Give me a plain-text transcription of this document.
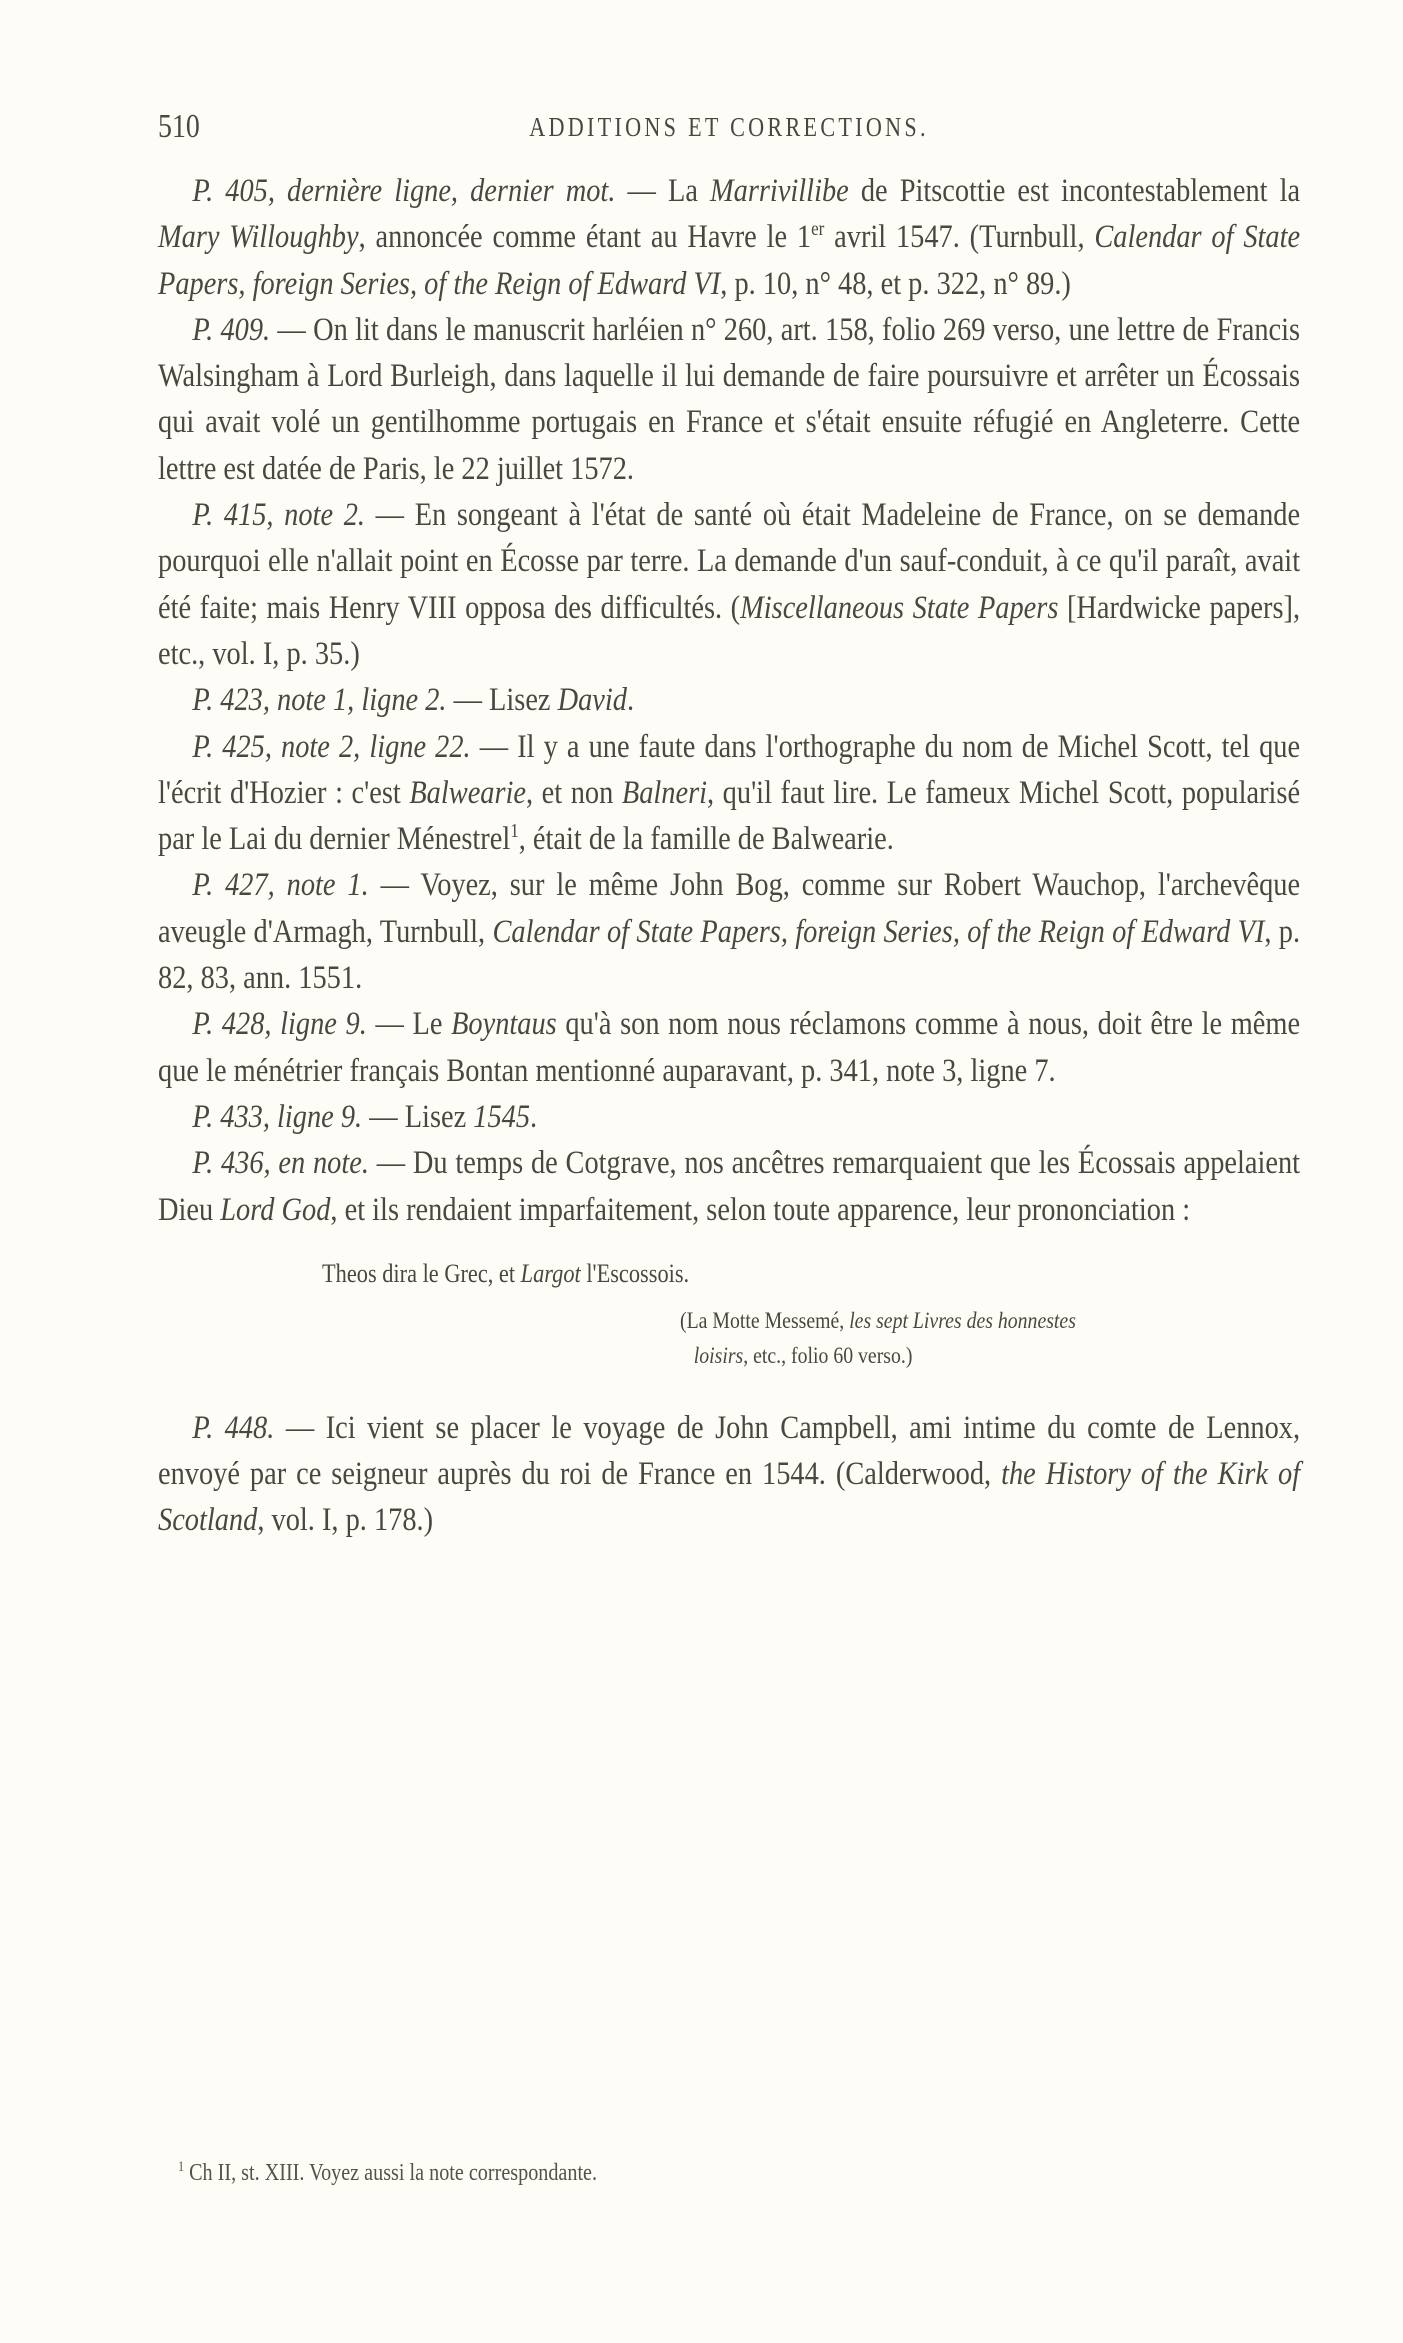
510	ADDITIONS ET CORRECTIONS.

P. 405, dernière ligne, dernier mot. — La Marrivillibe de Pitscottie est incontestablement la Mary Willoughby, annoncée comme étant au Havre le 1er avril 1547. (Turnbull, Calendar of State Papers, foreign Series, of the Reign of Edward VI, p. 10, n° 48, et p. 322, n° 89.)

P. 409. — On lit dans le manuscrit harléien n° 260, art. 158, folio 269 verso, une lettre de Francis Walsingham à Lord Burleigh, dans laquelle il lui demande de faire poursuivre et arrêter un Écossais qui avait volé un gentilhomme portugais en France et s'était ensuite réfugié en Angleterre. Cette lettre est datée de Paris, le 22 juillet 1572.

P. 415, note 2. — En songeant à l'état de santé où était Madeleine de France, on se demande pourquoi elle n'allait point en Écosse par terre. La demande d'un sauf-conduit, à ce qu'il paraît, avait été faite; mais Henry VIII opposa des difficultés. (Miscellaneous State Papers [Hardwicke papers], etc., vol. I, p. 35.)

P. 423, note 1, ligne 2. — Lisez David.

P. 425, note 2, ligne 22. — Il y a une faute dans l'orthographe du nom de Michel Scott, tel que l'écrit d'Hozier : c'est Balwearie, et non Balneri, qu'il faut lire. Le fameux Michel Scott, popularisé par le Lai du dernier Ménestrel$^1$, était de la famille de Balwearie.

P. 427, note 1. — Voyez, sur le même John Bog, comme sur Robert Wauchop, l'archevêque aveugle d'Armagh, Turnbull, Calendar of State Papers, foreign Series, of the Reign of Edward VI, p. 82, 83, ann. 1551.

P. 428, ligne 9. — Le Boyntaus qu'à son nom nous réclamons comme à nous, doit être le même que le ménétrier français Bontan mentionné auparavant, p. 341, note 3, ligne 7.

P. 433, ligne 9. — Lisez 1545.

P. 436, en note. — Du temps de Cotgrave, nos ancêtres remarquaient que les Écossais appelaient Dieu Lord God, et ils rendaient imparfaitement, selon toute apparence, leur prononciation :

Theos dira le Grec, et Largot l'Escossois.
(La Motte Messemé, les sept Livres des honnestes
loisirs, etc., folio 60 verso.)

P. 448. — Ici vient se placer le voyage de John Campbell, ami intime du comte de Lennox, envoyé par ce seigneur auprès du roi de France en 1544. (Calderwood, the History of the Kirk of Scotland, vol. I, p. 178.)

$^1$ Ch II, st. XIII. Voyez aussi la note correspondante.
